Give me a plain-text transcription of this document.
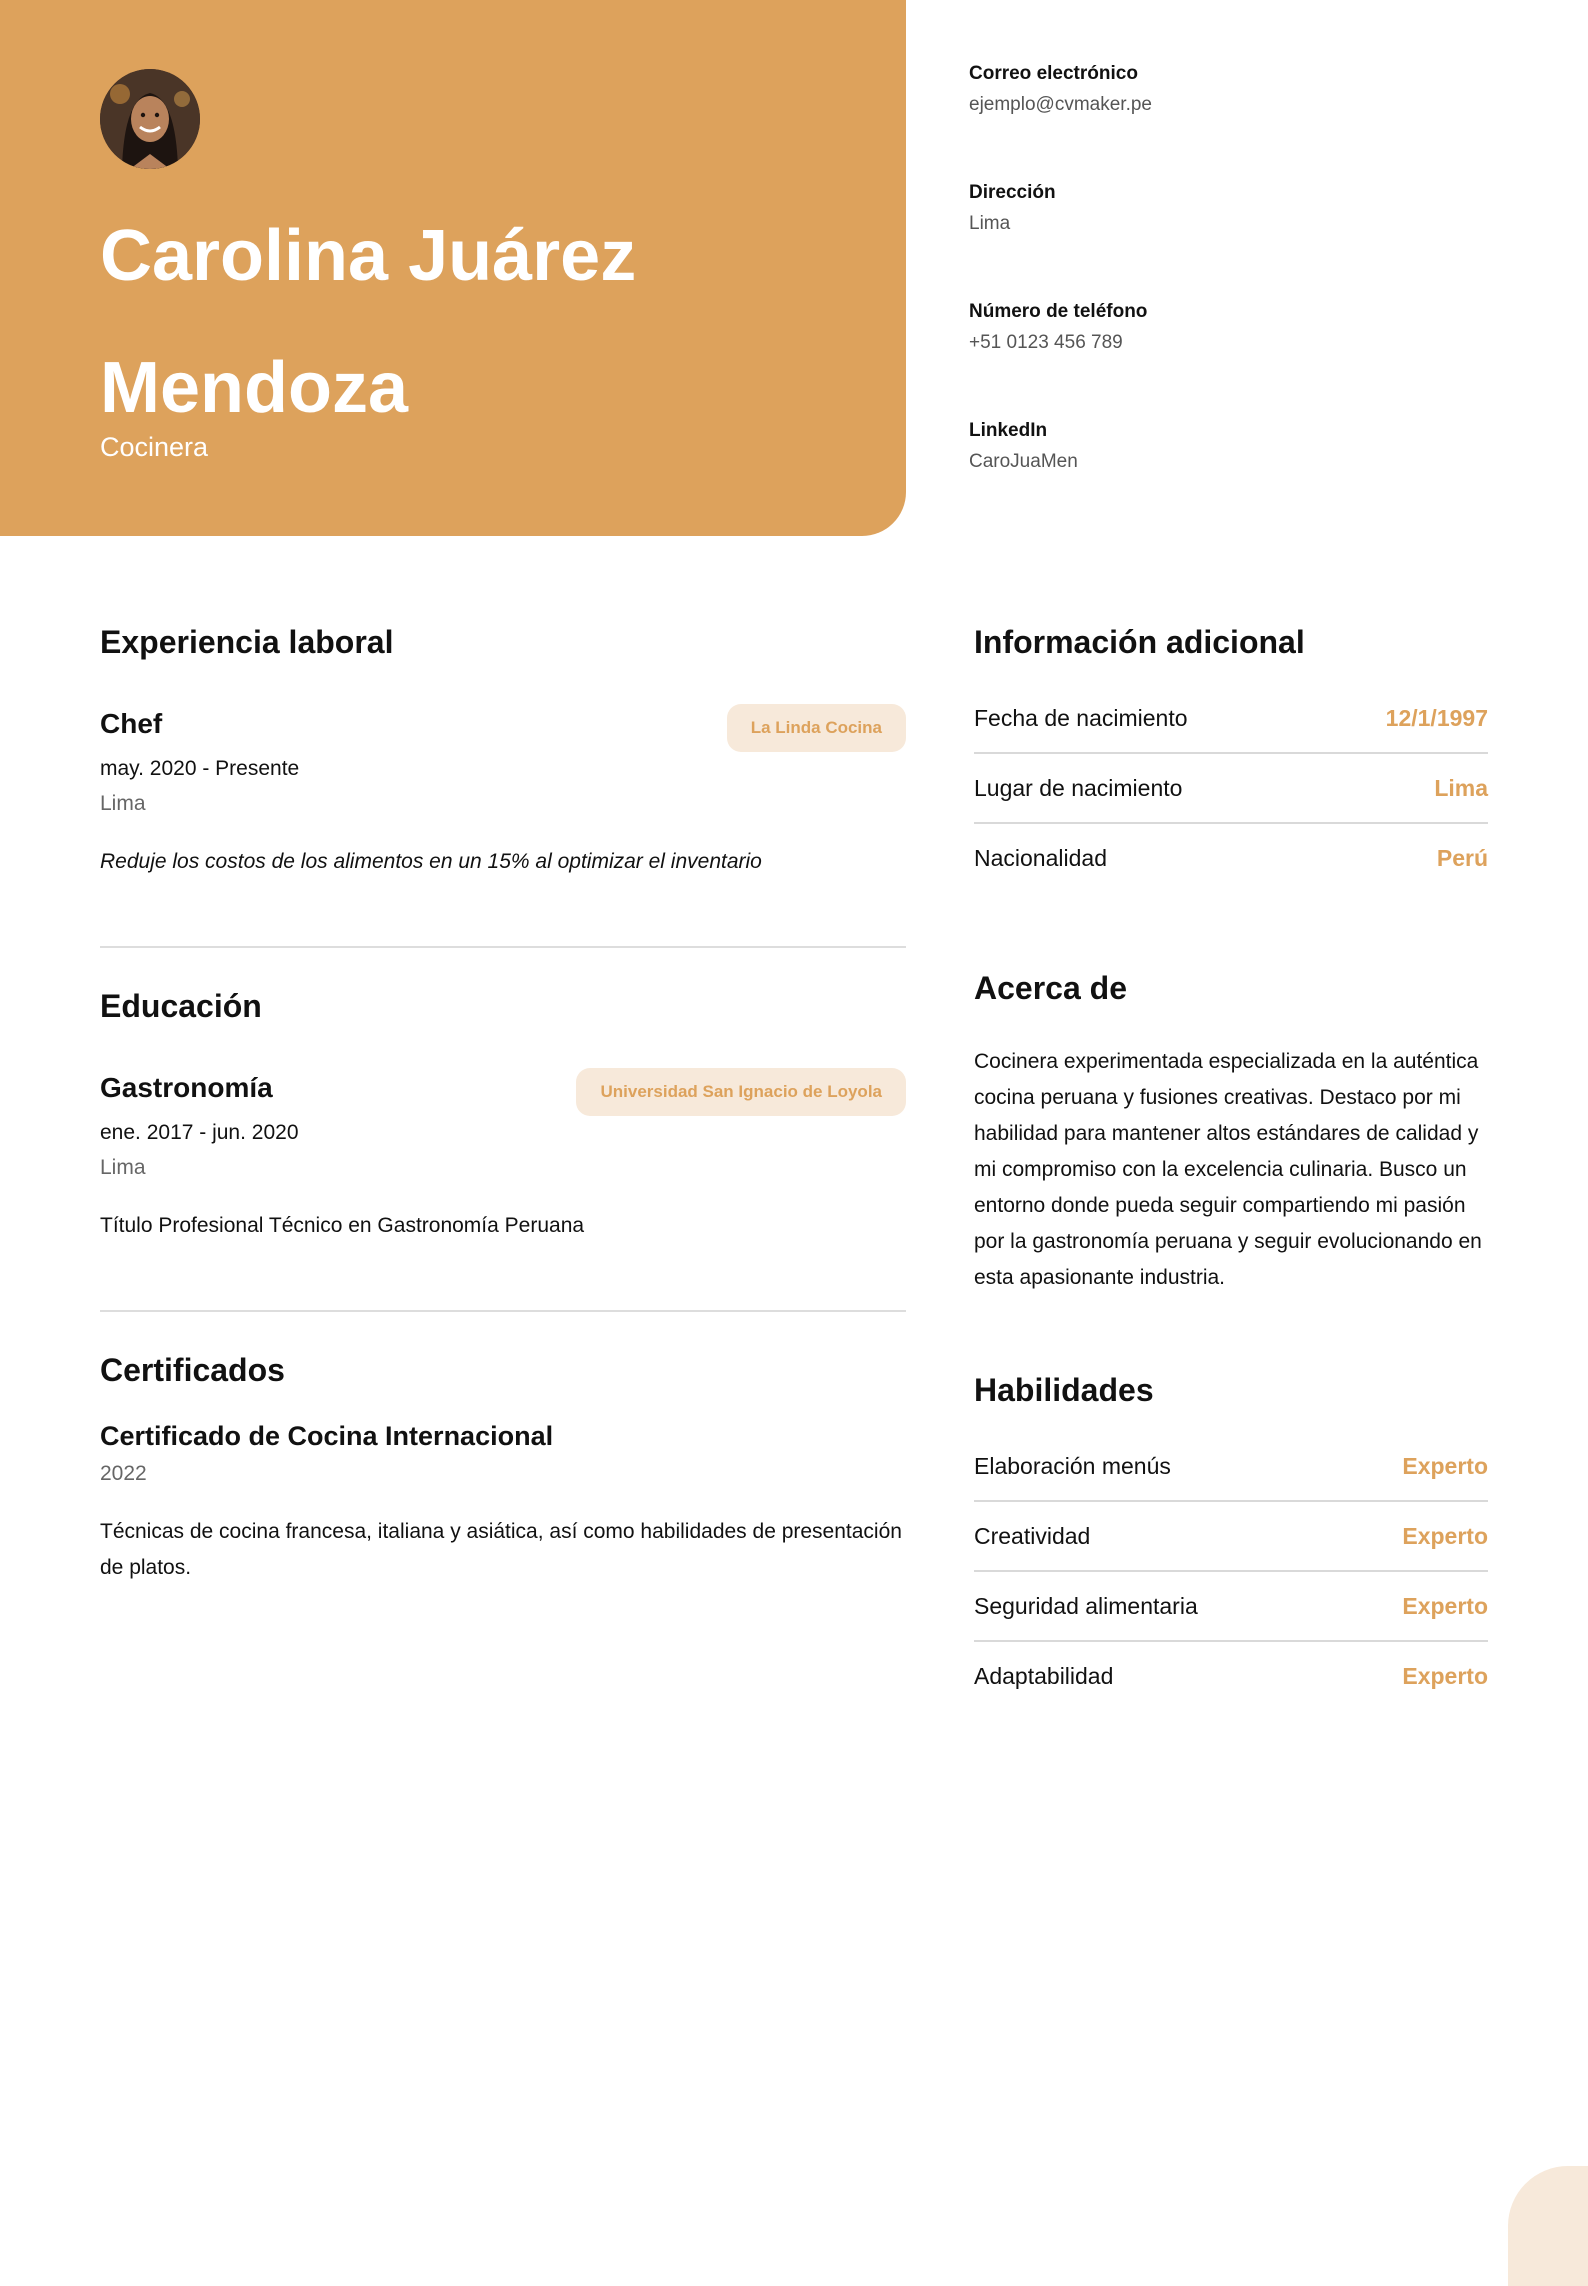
Carolina Juárez
Mendoza
Cocinera
Correo electrónico
ejemplo@cvmaker.pe
Dirección
Lima
Número de teléfono
+51 0123 456 789
LinkedIn
CaroJuaMen
Experiencia laboral
Chef	La Linda Cocina
may. 2020 - Presente
Lima
Reduje los costos de los alimentos en un 15% al optimizar el inventario
Educación
Gastronomía	Universidad San Ignacio de Loyola
ene. 2017 - jun. 2020
Lima
Título Profesional Técnico en Gastronomía Peruana
Certificados
Certificado de Cocina Internacional
2022
Técnicas de cocina francesa, italiana y asiática, así como habilidades de presentación de platos.
Información adicional
Fecha de nacimiento	12/1/1997
Lugar de nacimiento	Lima
Nacionalidad	Perú
Acerca de
Cocinera experimentada especializada en la auténtica cocina peruana y fusiones creativas. Destaco por mi habilidad para mantener altos estándares de calidad y mi compromiso con la excelencia culinaria. Busco un entorno donde pueda seguir compartiendo mi pasión por la gastronomía peruana y seguir evolucionando en esta apasionante industria.
Habilidades
Elaboración menús	Experto
Creatividad	Experto
Seguridad alimentaria	Experto
Adaptabilidad	Experto
